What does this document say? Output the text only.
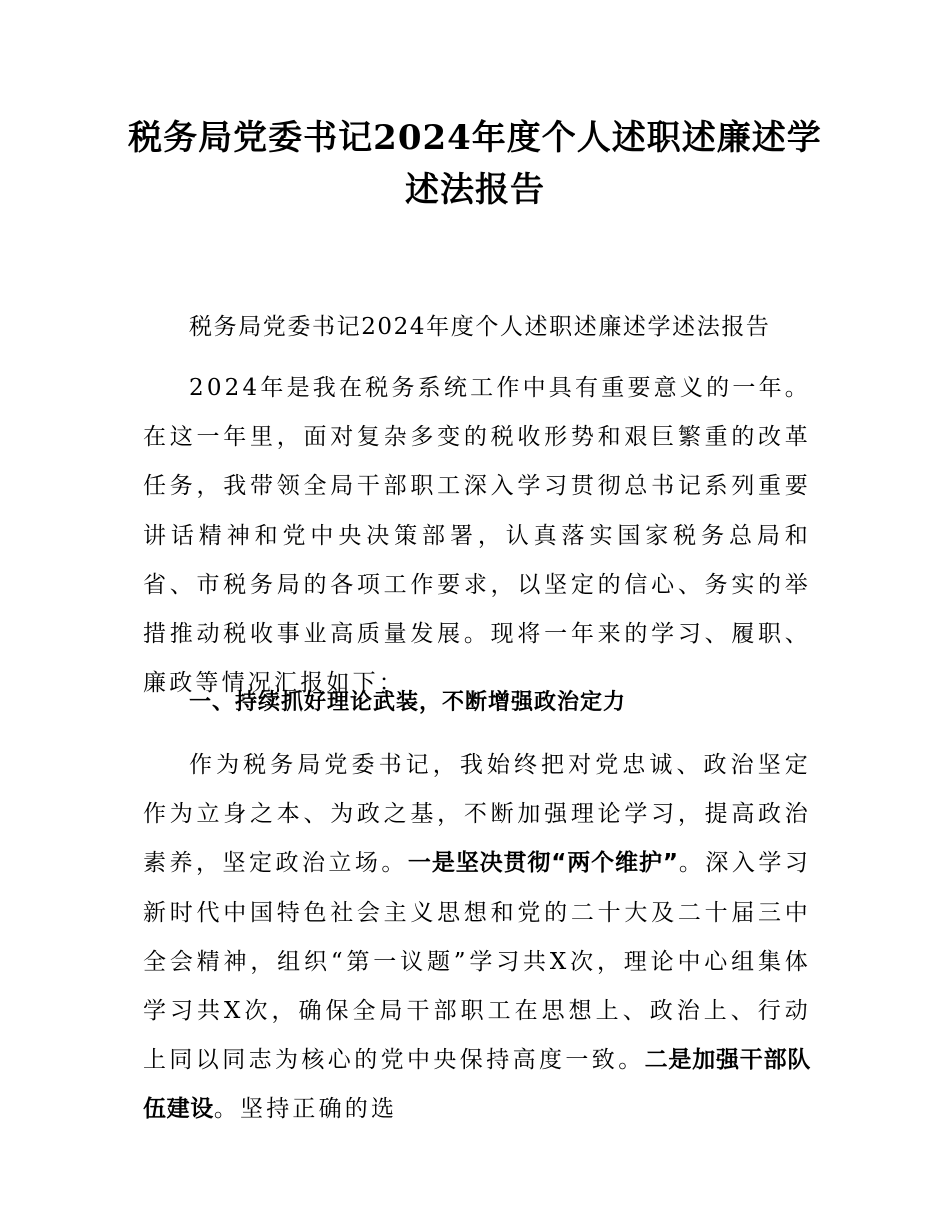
税务局党委书记2024年度个人述职述廉述学述法报告

税务局党委书记2024年度个人述职述廉述学述法报告

2024年是我在税务系统工作中具有重要意义的一年。在这一年里，面对复杂多变的税收形势和艰巨繁重的改革任务，我带领全局干部职工深入学习贯彻总书记系列重要讲话精神和党中央决策部署，认真落实国家税务总局和省、市税务局的各项工作要求，以坚定的信心、务实的举措推动税收事业高质量发展。现将一年来的学习、履职、廉政等情况汇报如下：

一、持续抓好理论武装，不断增强政治定力

作为税务局党委书记，我始终把对党忠诚、政治坚定作为立身之本、为政之基，不断加强理论学习，提高政治素养，坚定政治立场。一是坚决贯彻“两个维护”。深入学习新时代中国特色社会主义思想和党的二十大及二十届三中全会精神，组织“第一议题”学习共X次，理论中心组集体学习共X次，确保全局干部职工在思想上、政治上、行动上同以同志为核心的党中央保持高度一致。二是加强干部队伍建设。坚持正确的选
